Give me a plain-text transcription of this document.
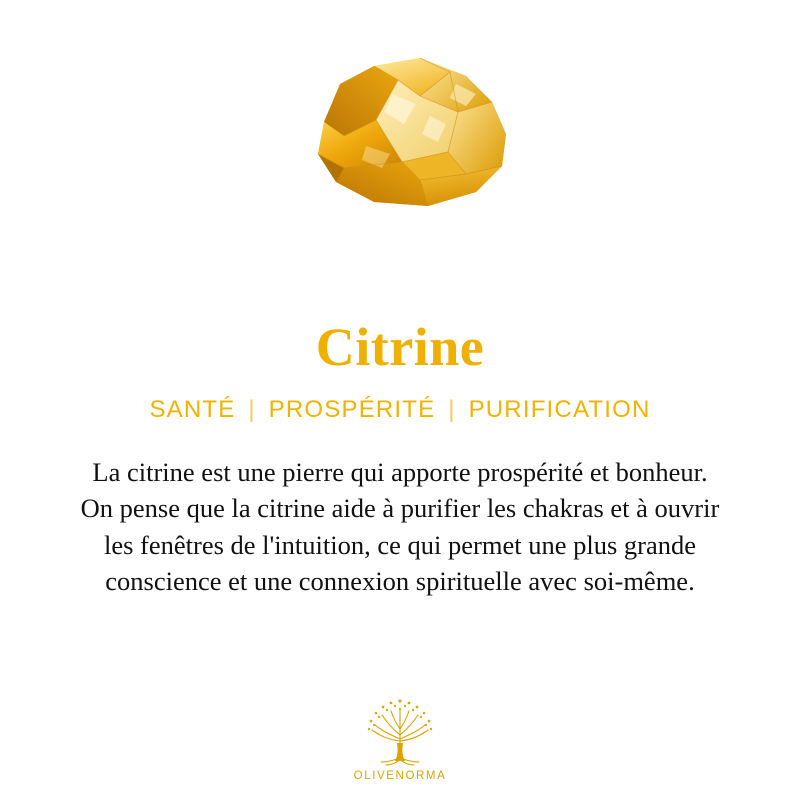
Citrine
SANTÉ | PROSPÉRITÉ | PURIFICATION
La citrine est une pierre qui apporte prospérité et bonheur.
On pense que la citrine aide à purifier les chakras et à ouvrir
les fenêtres de l'intuition, ce qui permet une plus grande
conscience et une connexion spirituelle avec soi-même.
OLIVENORMA
